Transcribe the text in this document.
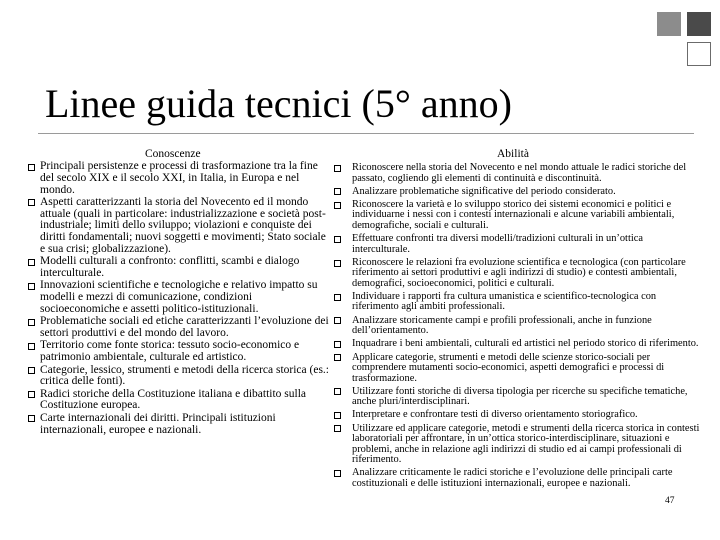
Linee guida tecnici (5° anno)
Conoscenze	Abilità
Principali persistenze e processi di trasformazione tra la fine del secolo XIX e il secolo XXI, in Italia, in Europa e nel mondo.
Aspetti caratterizzanti la storia del Novecento ed il mondo attuale (quali in particolare: industrializzazione e società post-industriale; limiti dello sviluppo; violazioni e conquiste dei diritti fondamentali; nuovi soggetti e movimenti; Stato sociale e sua crisi; globalizzazione).
Modelli culturali a confronto: conflitti, scambi e dialogo interculturale.
Innovazioni scientifiche e tecnologiche e relativo impatto su modelli e mezzi di comunicazione, condizioni socioeconomiche e assetti politico-istituzionali.
Problematiche sociali ed etiche caratterizzanti l’evoluzione dei settori produttivi e del mondo del lavoro.
Territorio come fonte storica: tessuto socio-economico e patrimonio ambientale, culturale ed artistico.
Categorie, lessico, strumenti e metodi della ricerca storica (es.: critica delle fonti).
Radici storiche della Costituzione italiana e dibattito sulla Costituzione europea.
Carte internazionali dei diritti. Principali istituzioni internazionali, europee e nazionali.
Riconoscere nella storia del Novecento e nel mondo attuale le radici storiche del passato, cogliendo gli elementi di continuità e discontinuità.
Analizzare problematiche significative del periodo considerato.
Riconoscere la varietà e lo sviluppo storico dei sistemi economici e politici e individuarne i nessi con i contesti internazionali e alcune variabili ambientali, demografiche, sociali e culturali.
Effettuare confronti tra diversi modelli/tradizioni culturali in un’ottica interculturale.
Riconoscere le relazioni fra evoluzione scientifica e tecnologica (con particolare riferimento ai settori produttivi e agli indirizzi di studio) e contesti ambientali, demografici, socioeconomici, politici e culturali.
Individuare i rapporti fra cultura umanistica e scientifico-tecnologica con riferimento agli ambiti professionali.
Analizzare storicamente campi e profili professionali, anche in funzione dell’orientamento.
Inquadrare i beni ambientali, culturali ed artistici nel periodo storico di riferimento.
Applicare categorie, strumenti e metodi delle scienze storico-sociali per comprendere mutamenti socio-economici, aspetti demografici e processi di trasformazione.
Utilizzare fonti storiche di diversa tipologia per ricerche su specifiche tematiche, anche pluri/interdisciplinari.
Interpretare e confrontare testi di diverso orientamento storiografico.
Utilizzare ed applicare categorie, metodi e strumenti della ricerca storica in contesti laboratoriali per affrontare, in un’ottica storico-interdisciplinare, situazioni e problemi, anche in relazione agli indirizzi di studio ed ai campi professionali di riferimento.
Analizzare criticamente le radici storiche e l’evoluzione delle principali carte costituzionali e delle istituzioni internazionali, europee e nazionali.
47
